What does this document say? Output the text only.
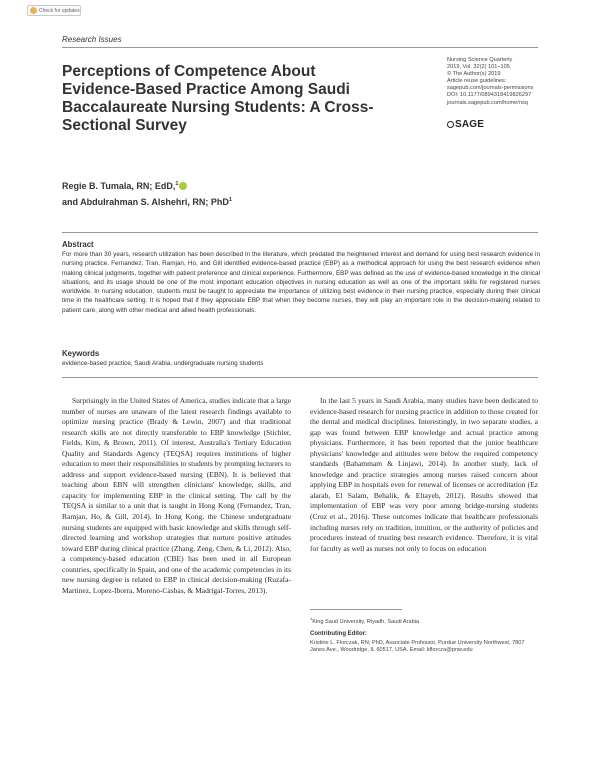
Check for updates
Research Issues
Perceptions of Competence About Evidence-Based Practice Among Saudi Baccalaureate Nursing Students: A Cross-Sectional Survey
Nursing Science Quarterly
2019, Vol. 32(2) 101–105
© The Author(s) 2019
Article reuse guidelines:
sagepub.com/journals-permissions
DOI: 10.1177/0894318419826297
journals.sagepub.com/home/nsq
SAGE
Regie B. Tumala, RN; EdD,$^1$
and Abdulrahman S. Alshehri, RN; PhD$^1$
Abstract

For more than 30 years, research utilization has been described in the literature, which predated the heightened interest and demand for using best research evidence in nursing practice. Fernandez, Tran, Ramjan, Ho, and Gill identified evidence-based practice (EBP) as a methodical approach for using the best research evidence when making clinical judgments, together with patient preference and clinical experience. Furthermore, EBP was defined as the use of evidence-based knowledge in the clinical situations, and its usage should be one of the most important education objectives in nursing education as well as one of the important skills for registered nurses worldwide. In nursing education, students must be taught to appreciate the importance of utilizing best evidence in their nursing practice, especially during their clinical time in the healthcare setting. It is hoped that if they appreciate EBP that when they become nurses, they will play an important role in the decision-making related to patient care, along with other medical and allied health professionals.

Keywords
evidence-based practice, Saudi Arabia, undergraduate nursing students

Surprisingly in the United States of America, studies indicate that a large number of nurses are unaware of the latest research findings available to optimize nursing practice (Brady & Lewin, 2007) and that traditional research skills are not directly transferable to EBP knowledge (Stichler, Fields, Kim, & Brown, 2011). Of interest, Australia's Tertiary Education Quality and Standards Agency (TEQSA) requires institutions of higher education to meet their responsibilities to students by prompting lecturers to address and support evidence-based nursing (EBN). It is believed that teaching about EBN will strengthen clinicians' knowledge, skills, and capacity for implementing EBP in the clinical setting. The call by the TEQSA is similar to a unit that is taught in Hong Kong (Fernandez, Tran, Ramjan, Ho, & Gill, 2014). In Hong Kong, the Chinese undergraduate nursing students are equipped with basic knowledge and skills through self-directed learning and workshop strategies that nurture positive attitudes toward EBP during clinical practice (Zhang, Zeng, Chen, & Li, 2012). Also, a competency-based education (CBE) has been used in all European countries, specifically in Spain, and one of the academic competencies in its new nursing degree is related to EBP in clinical decision-making (Ruzafa-Martinez, Lopez-Iborra, Moreno-Casbas, & Madrigal-Torres, 2013).

In the last 5 years in Saudi Arabia, many studies have been dedicated to evidence-based research for nursing practice in addition to those created for the dental and medical disciplines. Interestingly, in two separate studies, a gap was found between EBP knowledge and actual practice among physicians. Furthermore, it has been reported that the junior healthcare physicians' knowledge and attitudes were below the required competency standards (Bahammam & Linjawi, 2014). In another study, lack of knowledge and practice strategies among nurses raised concern about applying EBP in hospitals even for renewal of licenses or accreditation (Ez alarab, El Salam, Behalik, & Eltayeb, 2012). Results showed that implementation of EBP was very poor among bridge-nursing students (Cruz et al., 2016). These outcomes indicate that healthcare professionals including nurses rely on tradition, intuition, or the authority of policies and procedures instead of trusting best research evidence. Therefore, it is vital for faculty as well as nurses not only to focus on education

$^1$King Saud University, Riyadh, Saudi Arabia
Contributing Editor:

Kristine L. Florczak, RN; PhD, Associate Professor, Purdue University Northwest, 7807 Janes Ave., Woodridge, IL 60517, USA. Email: kflorcza@pnw.edu
